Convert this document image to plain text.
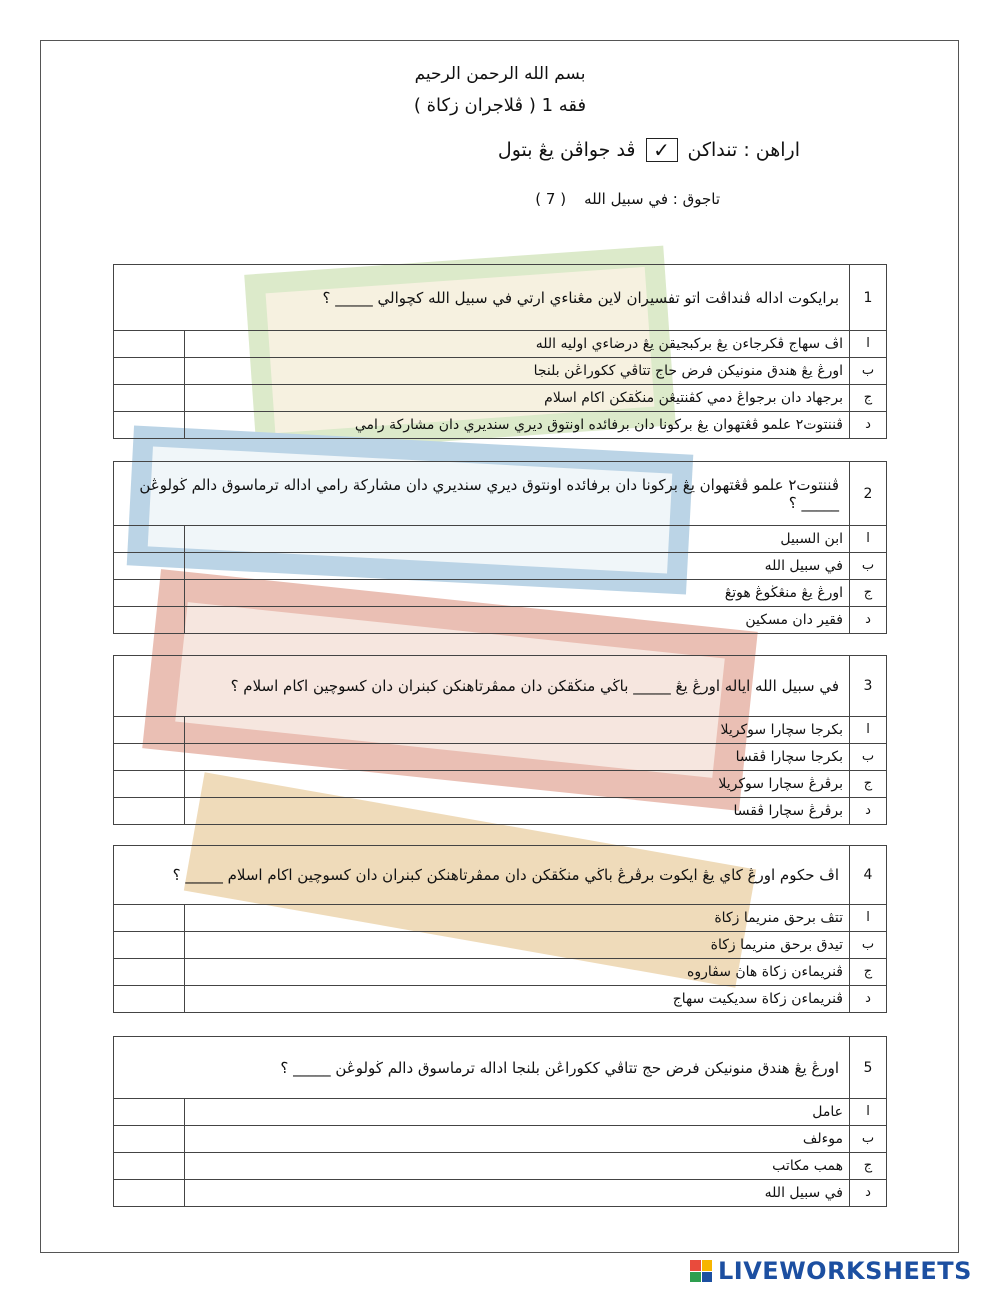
بسم الله الرحمن الرحيم
فقه 1 ( ڤلاجران زكاة )
اراهن : تنداکن
✓
ڤد جواڤن يڠ بتول
تاجوق : في سبيل الله
( 7 )
1
برايكوت اداله ڤنداڤت اتو تفسيران لاين مڠناءي ارتي في سبيل الله کچوالي _____ ؟
ا
اڤ سهاج ڤکرجاءن يڠ برکبجيقن يڠ درضاءي اوليه الله
ب
اورڠ يڠ هندق منونيکن فرض حاج تتاڤي ککوراڠن بلنجا
ج
برجهاد دان برجواڠ دمي کڤنتيڠن منڬقکن اکام اسلام
د
ڤننتوت٢ علمو ڤڠتهوان يڠ برکونا دان برفائده اونتوق ديري سنديري دان مشارکة رامي
2
ڤننتوت٢ علمو ڤڠتهوان يڠ برکونا دان برفائده اونتوق ديري سنديري دان مشارکة رامي اداله ترماسوق دالم ڬولوڠن _____ ؟
ا
ابن السبيل
ب
في سبيل الله
ج
اورڠ يڠ منڠڬوڠ هوتڠ
د
فقير دان مسکين
3
في سبيل الله اياله اورڠ يڠ _____ باڬي منڬقکن دان ممڤرتاهنکن کبنران دان کسوچين اکام اسلام ؟
ا
بکرجا سچارا سوکريلا
ب
بکرجا سچارا ڤقسا
ج
برڤرڠ سچارا سوکريلا
د
برڤرڠ سچارا ڤقسا
4
اڤ حکوم اورڠ کاي يڠ ايکوت برڤرڠ باڬي منڬقکن دان ممڤرتاهنکن کبنران دان کسوچين اکام اسلام _____ ؟
ا
تتڤ برحق منريما زکاة
ب
تيدق برحق منريما زکاة
ج
ڤنريماءن زکاة هاڽ سڤاروه
د
ڤنريماءن زکاة سديکيت سهاج
5
اورڠ يڠ هندق منونيکن فرض حج تتاڤي ککوراڠن بلنجا اداله ترماسوق دالم ڬولوڠن _____ ؟
ا
عامل
ب
موءلف
ج
همب مکاتب
د
في سبيل الله
LIVEWORKSHEETS
